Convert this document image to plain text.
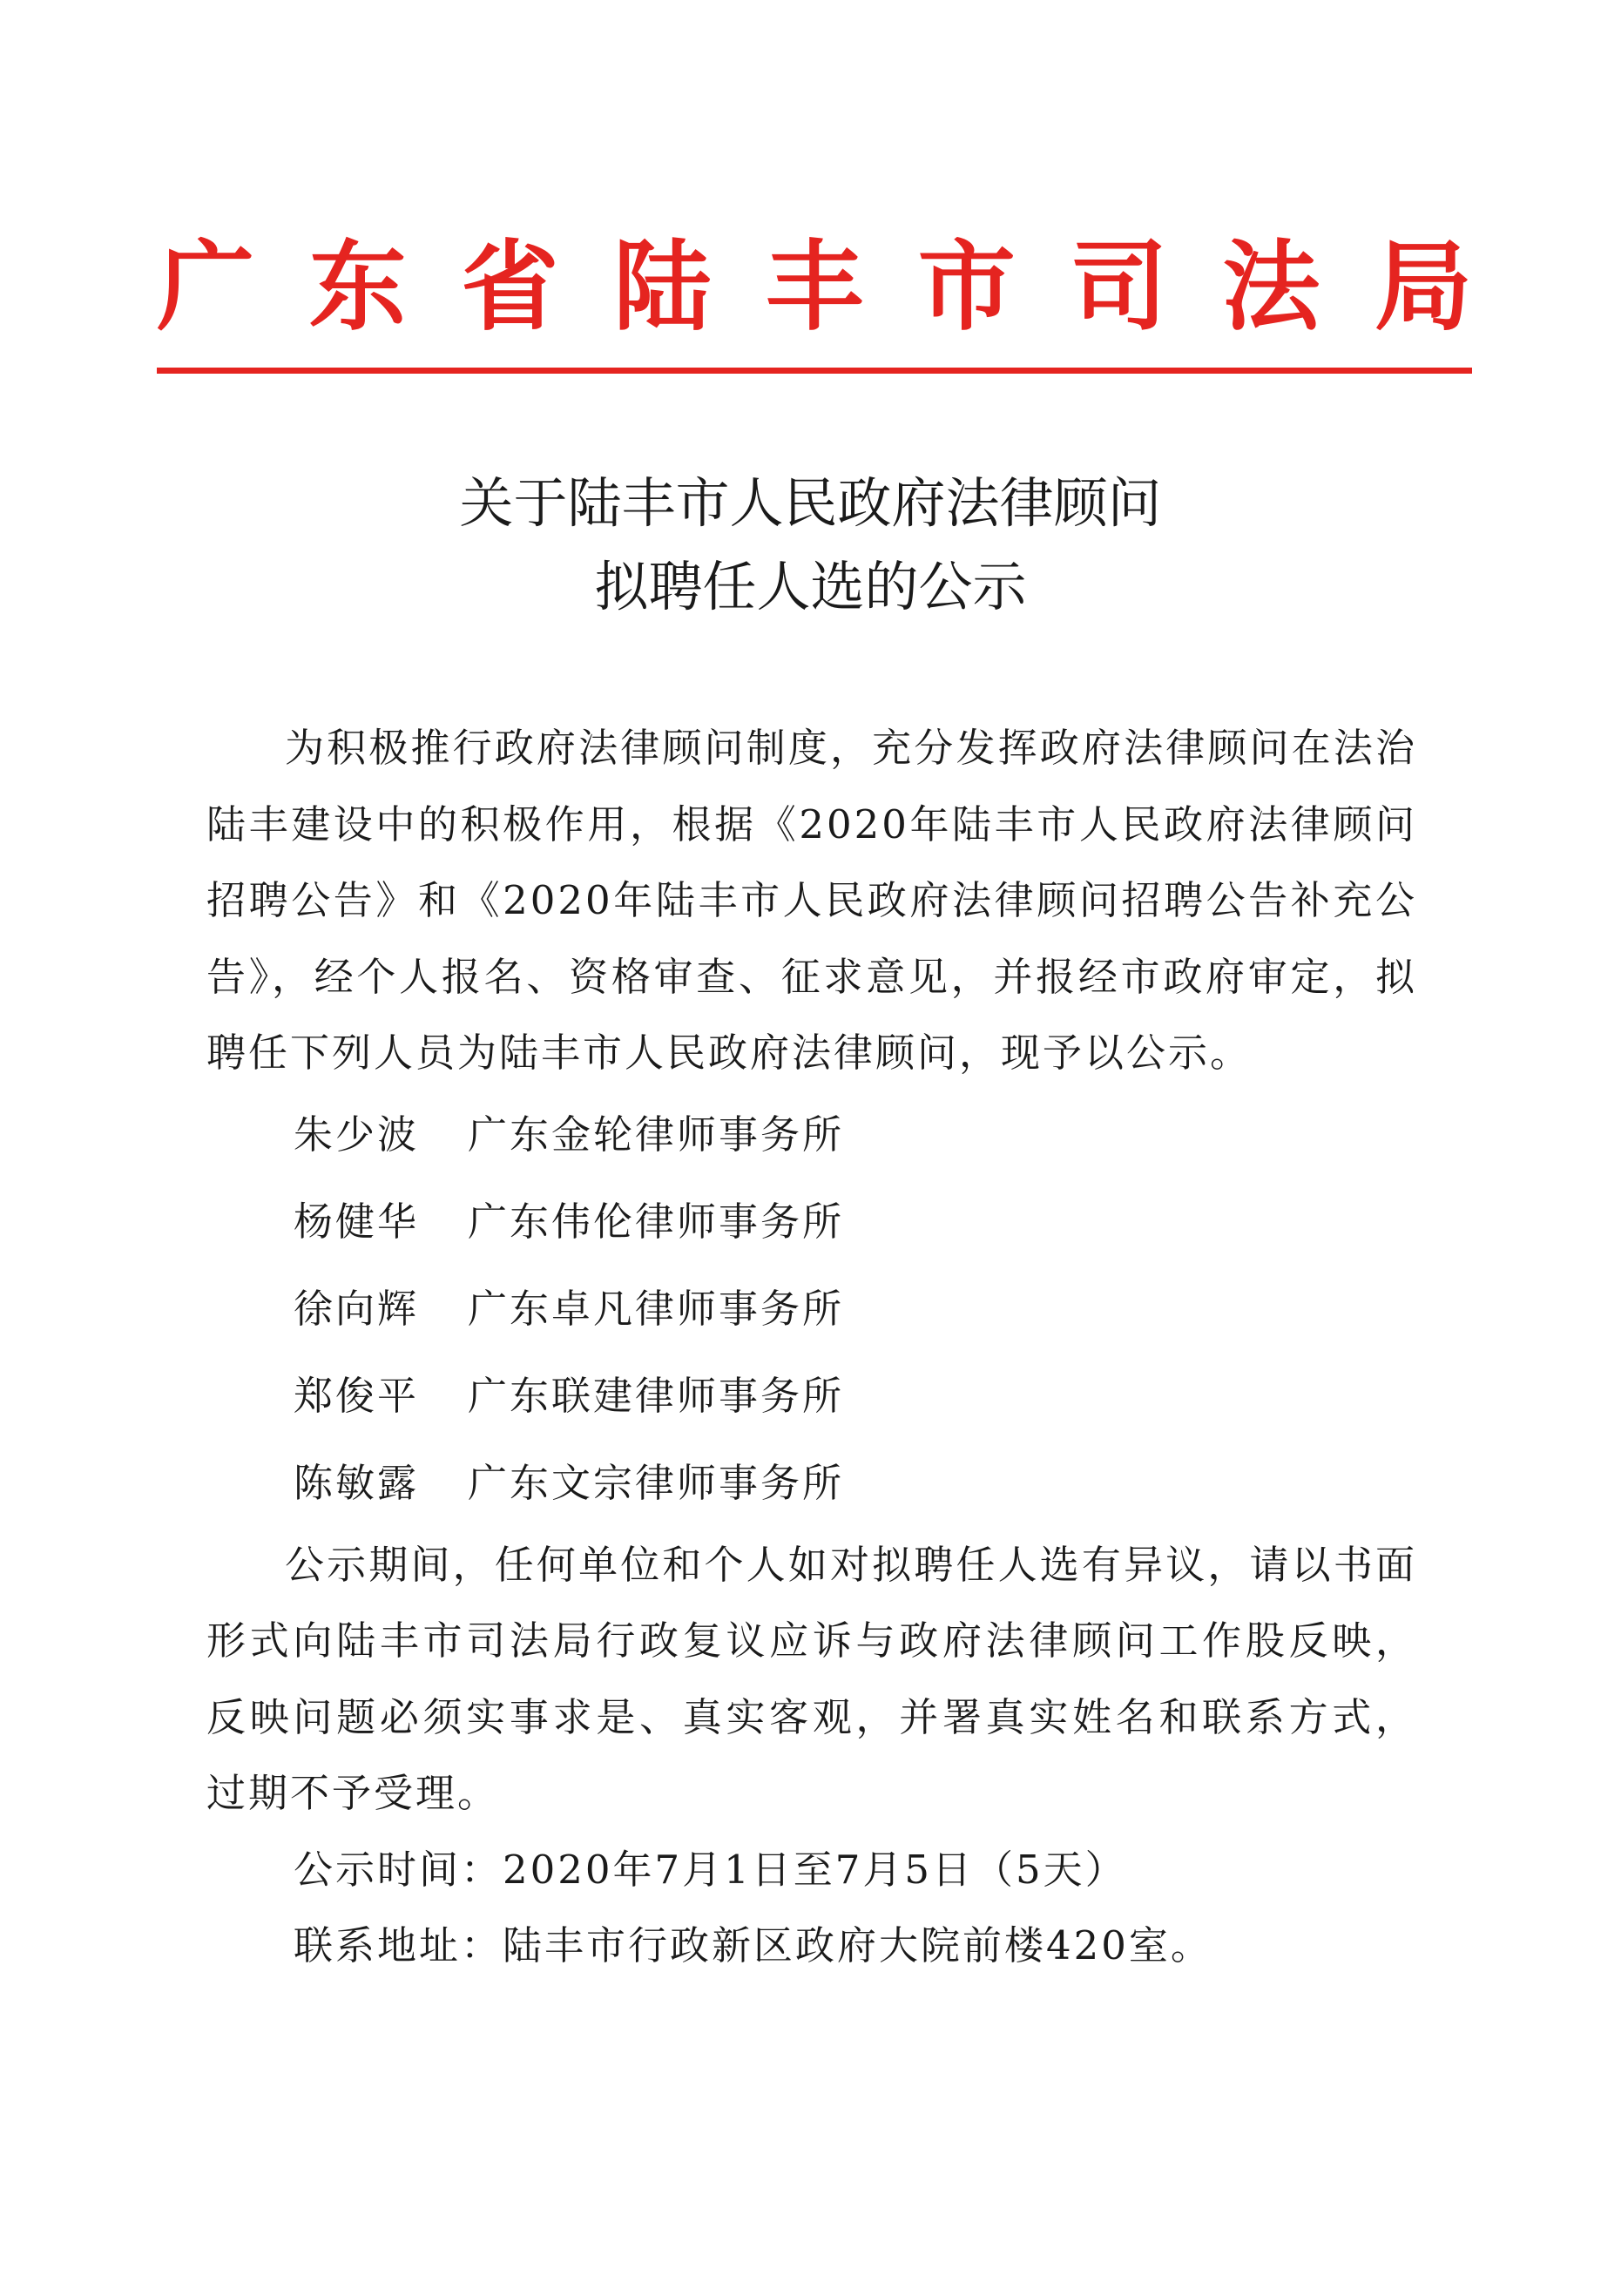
广 东 省 陆 丰 市 司 法 局
关于陆丰市人民政府法律顾问
拟聘任人选的公示

为积极推行政府法律顾问制度，充分发挥政府法律顾问在法治陆丰建设中的积极作用，根据《2020年陆丰市人民政府法律顾问招聘公告》和《2020年陆丰市人民政府法律顾问招聘公告补充公告》，经个人报名、资格审查、征求意见，并报经市政府审定，拟聘任下列人员为陆丰市人民政府法律顾问，现予以公示。

朱少波	广东金轮律师事务所
杨健华	广东伟伦律师事务所
徐向辉	广东卓凡律师事务所
郑俊平	广东联建律师事务所
陈敏露	广东文宗律师事务所

公示期间，任何单位和个人如对拟聘任人选有异议，请以书面形式向陆丰市司法局行政复议应诉与政府法律顾问工作股反映，反映问题必须实事求是、真实客观，并署真实姓名和联系方式，过期不予受理。

公示时间：2020年7月1日至7月5日（5天）

联系地址：陆丰市行政新区政府大院前楼420室。
